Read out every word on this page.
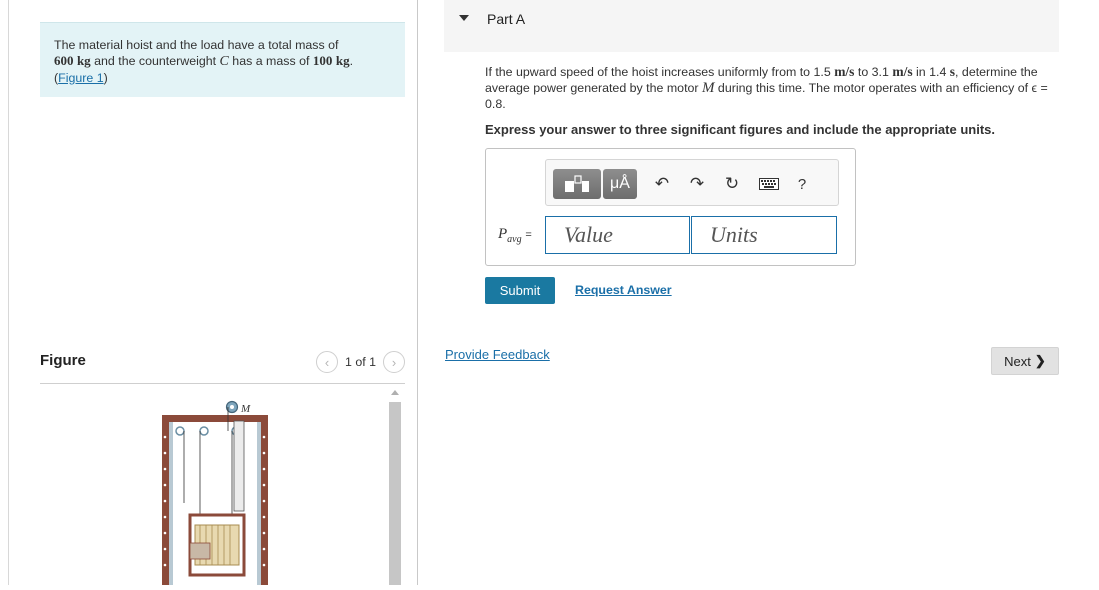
The material hoist and the load have a total mass of
600 kg and the counterweight C has a mass of 100 kg.
(Figure 1)
Figure	‹ 1 of 1 ›
M
Part A
If the upward speed of the hoist increases uniformly from to 1.5 m/s to 3.1 m/s in 1.4 s, determine the average power generated by the motor M during this time. The motor operates with an efficiency of ϵ = 0.8.
Express your answer to three significant figures and include the appropriate units.
μÅ ↶ ↷ ↻	?
$P_{avg}$ =	Value	Units
Submit	Request Answer
Provide Feedback	Next ❯
